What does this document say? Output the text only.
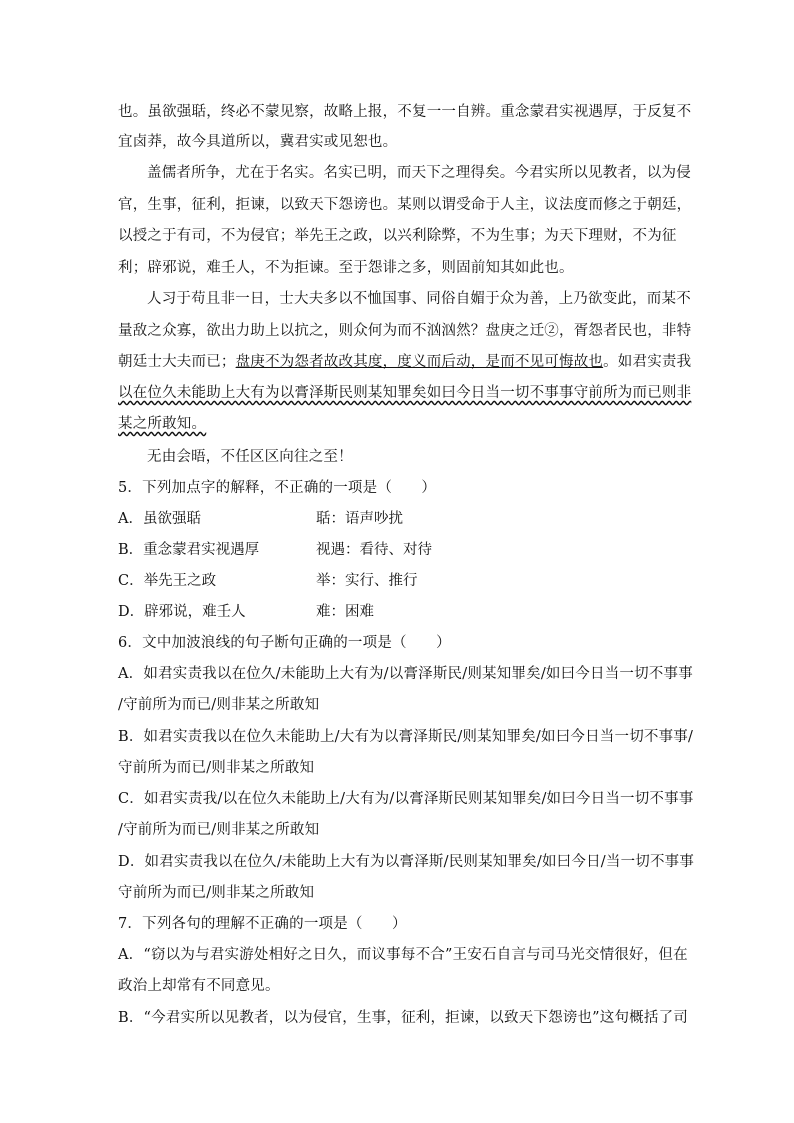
也。虽欲强聒，终必不蒙见察，故略上报，不复一一自辨。重念蒙君实视遇厚，于反复不
宜卤莽，故今具道所以，冀君实或见恕也。
盖儒者所争，尤在于名实。名实已明，而天下之理得矣。今君实所以见教者，以为侵
官，生事，征利，拒谏，以致天下怨谤也。某则以谓受命于人主，议法度而修之于朝廷，
以授之于有司，不为侵官；举先王之政，以兴利除弊，不为生事；为天下理财，不为征
利；辟邪说，难壬人，不为拒谏。至于怨诽之多，则固前知其如此也。
人习于苟且非一日，士大夫多以不恤国事、同俗自媚于众为善，上乃欲变此，而某不
量敌之众寡，欲出力助上以抗之，则众何为而不汹汹然？盘庚之迁②，胥怨者民也，非特
朝廷士大夫而已；盘庚不为怨者故改其度，度义而后动，是而不见可悔故也。如君实责我
以在位久未能助上大有为以膏泽斯民则某知罪矣如曰今日当一切不事事守前所为而已则非
某之所敢知。
无由会晤，不任区区向往之至！
5．下列加点字的解释，不正确的一项是（　　）
A．虽欲强聒	聒：语声吵扰
B．重念蒙君实视遇厚	视遇：看待、对待
C．举先王之政	举：实行、推行
D．辟邪说，难壬人	难：困难
6．文中加波浪线的句子断句正确的一项是（　　）
A．如君实责我以在位久/未能助上大有为/以膏泽斯民/则某知罪矣/如曰今日当一切不事事
/守前所为而已/则非某之所敢知
B．如君实责我以在位久未能助上/大有为以膏泽斯民/则某知罪矣/如曰今日当一切不事事/
守前所为而已/则非某之所敢知
C．如君实责我/以在位久未能助上/大有为/以膏泽斯民则某知罪矣/如曰今日当一切不事事
/守前所为而已/则非某之所敢知
D．如君实责我以在位久/未能助上大有为以膏泽斯/民则某知罪矣/如曰今日/当一切不事事
守前所为而已/则非某之所敢知
7．下列各句的理解不正确的一项是（　　）
A．“窃以为与君实游处相好之日久，而议事每不合”王安石自言与司马光交情很好，但在
政治上却常有不同意见。
B．“今君实所以见教者，以为侵官，生事，征利，拒谏，以致天下怨谤也”这句概括了司
